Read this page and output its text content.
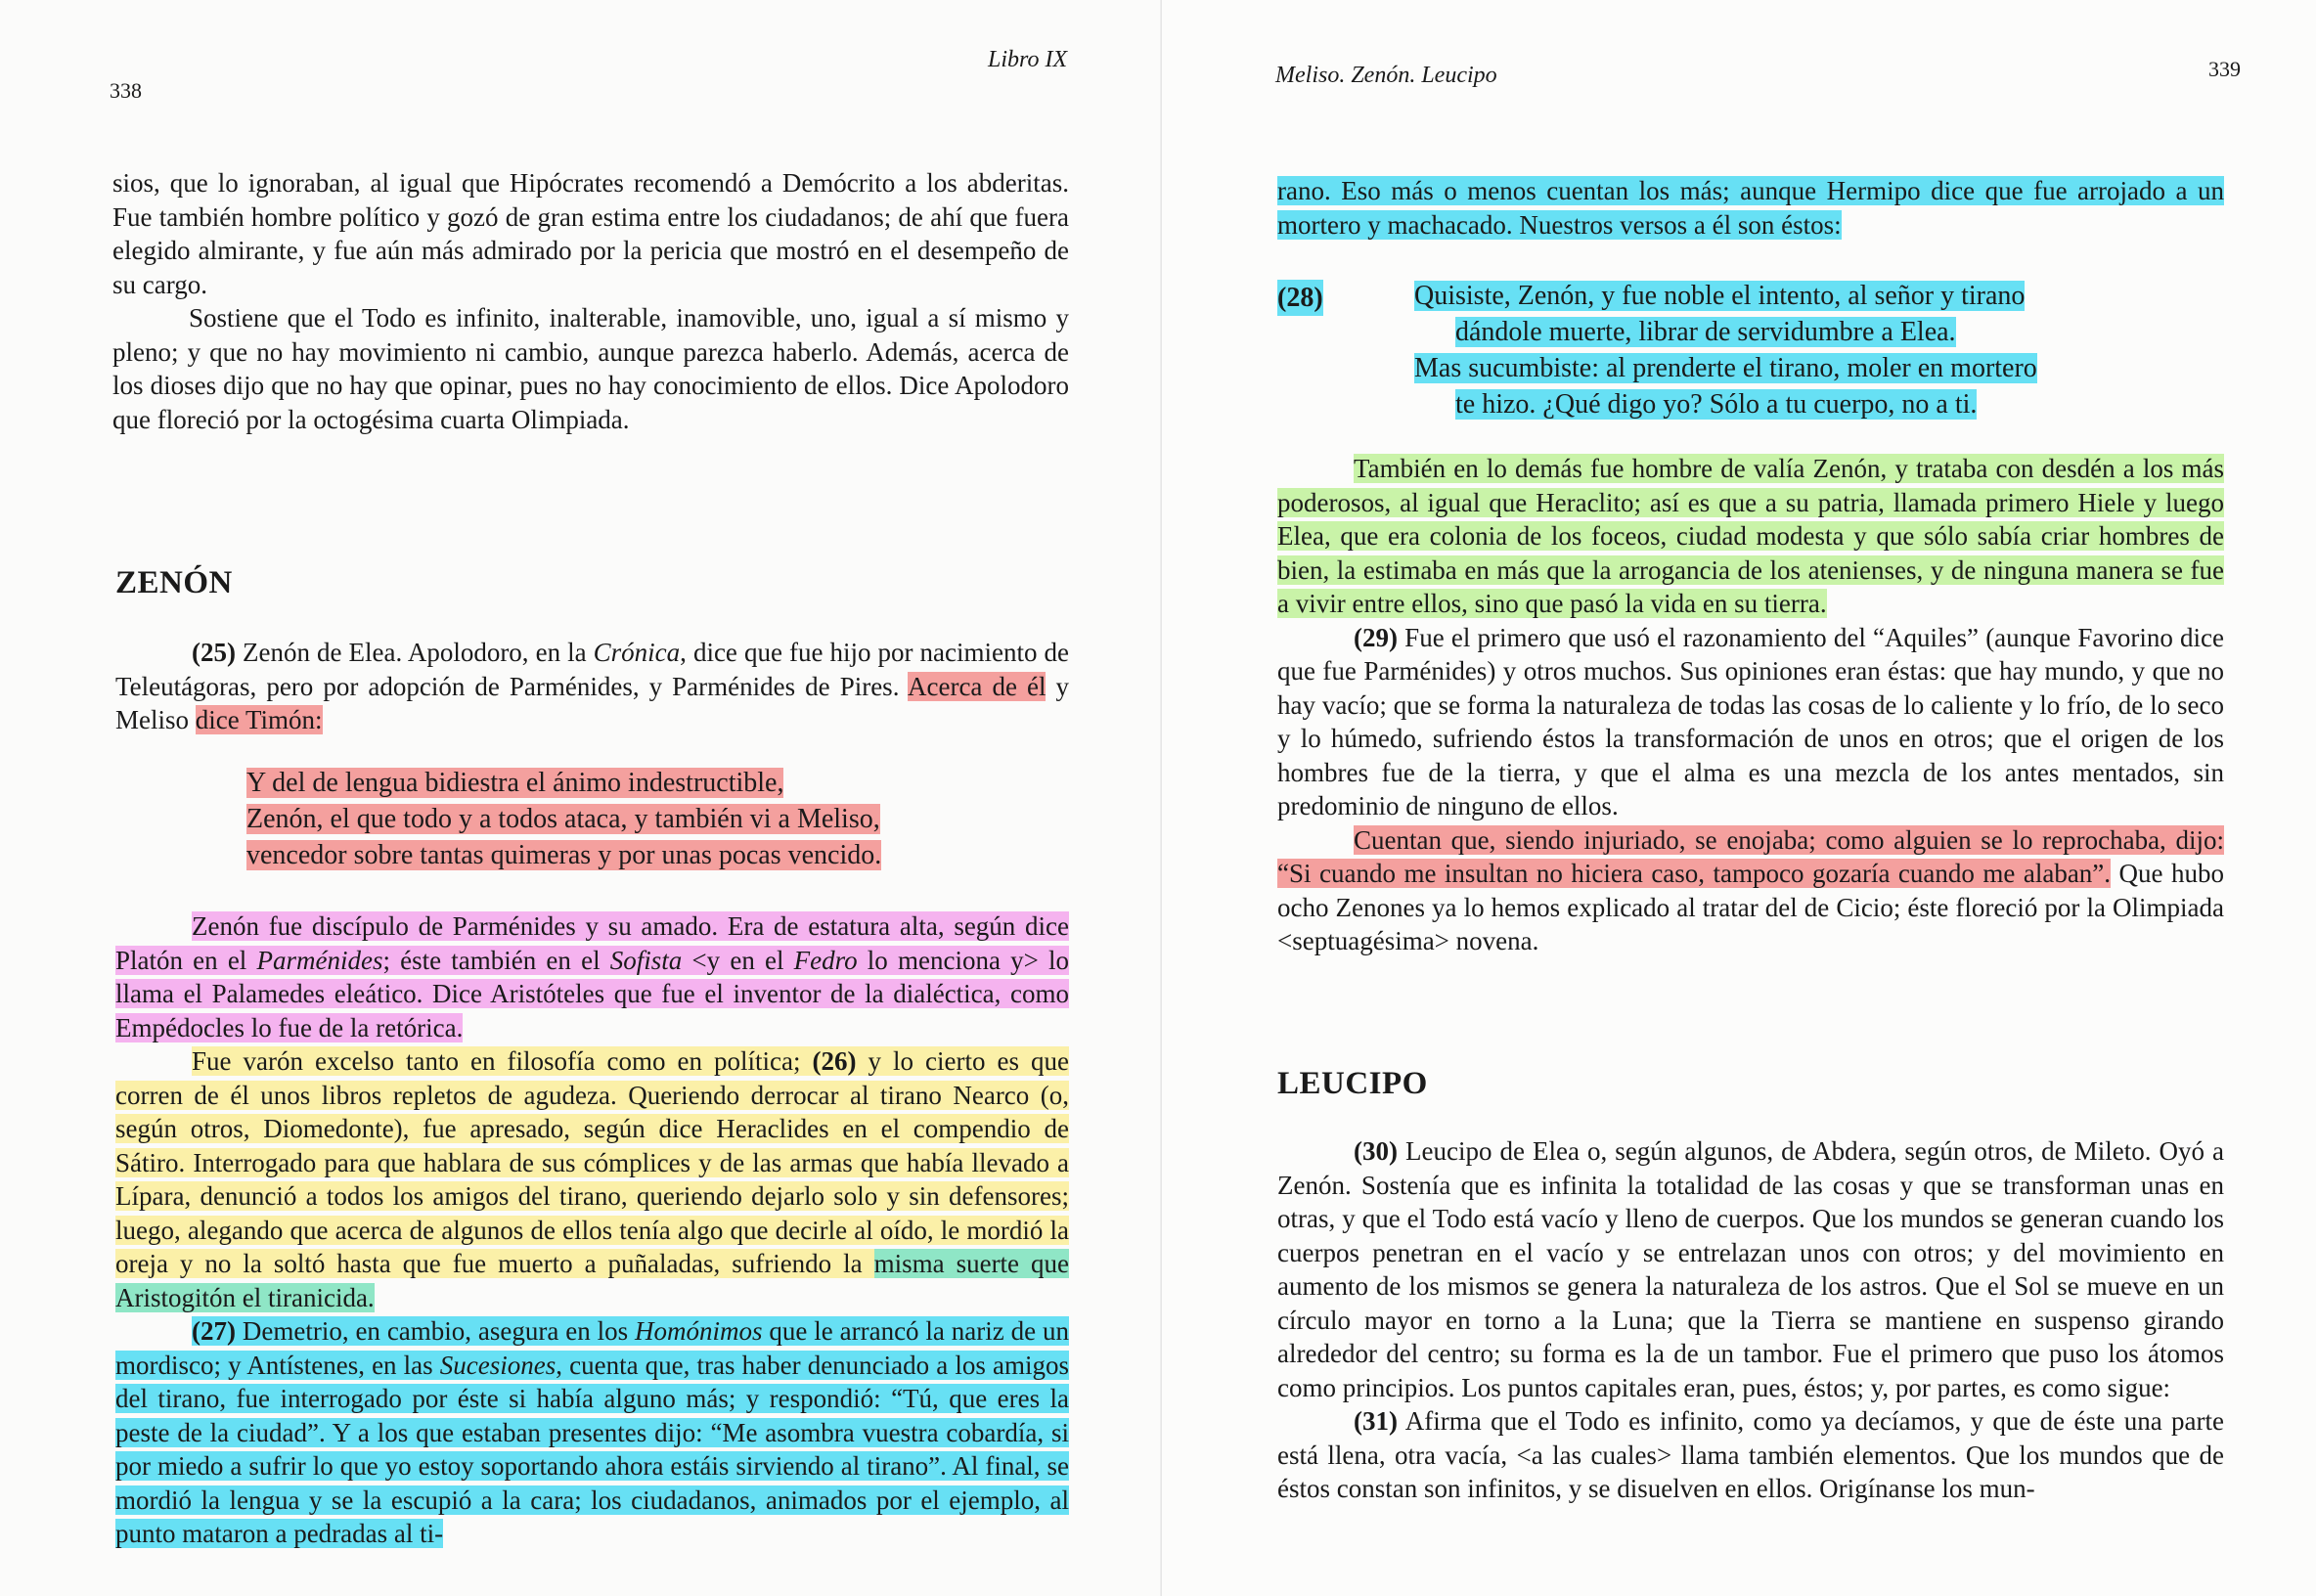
338
Libro IX

sios, que lo ignoraban, al igual que Hipócrates recomendó a Demócrito a los abderitas. Fue también hombre político y gozó de gran estima entre los ciudadanos; de ahí que fuera elegido almirante, y fue aún más admirado por la pericia que mostró en el desempeño de su cargo.

Sostiene que el Todo es infinito, inalterable, inamovible, uno, igual a sí mismo y pleno; y que no hay movimiento ni cambio, aunque parezca haberlo. Además, acerca de los dioses dijo que no hay que opinar, pues no hay conocimiento de ellos. Dice Apolodoro que floreció por la octogésima cuarta Olimpiada.

ZENÓN

(25) Zenón de Elea. Apolodoro, en la Crónica, dice que fue hijo por nacimiento de Teleutágoras, pero por adopción de Parménides, y Parménides de Pires. Acerca de él y Meliso dice Timón:

Y del de lengua bidiestra el ánimo indestructible,
Zenón, el que todo y a todos ataca, y también vi a Meliso,
vencedor sobre tantas quimeras y por unas pocas vencido.

Zenón fue discípulo de Parménides y su amado. Era de estatura alta, según dice Platón en el Parménides; éste también en el Sofista <y en el Fedro lo menciona y> lo llama el Palamedes eleático. Dice Aristóteles que fue el inventor de la dialéctica, como Empédocles lo fue de la retórica.

Fue varón excelso tanto en filosofía como en política; (26) y lo cierto es que corren de él unos libros repletos de agudeza. Queriendo derrocar al tirano Nearco (o, según otros, Diomedonte), fue apresado, según dice Heraclides en el compendio de Sátiro. Interrogado para que hablara de sus cómplices y de las armas que había llevado a Lípara, denunció a todos los amigos del tirano, queriendo dejarlo solo y sin defensores; luego, alegando que acerca de algunos de ellos tenía algo que decirle al oído, le mordió la oreja y no la soltó hasta que fue muerto a puñaladas, sufriendo la misma suerte que Aristogitón el tiranicida.

(27) Demetrio, en cambio, asegura en los Homónimos que le arrancó la nariz de un mordisco; y Antístenes, en las Sucesiones, cuenta que, tras haber denunciado a los amigos del tirano, fue interrogado por éste si había alguno más; y respondió: “Tú, que eres la peste de la ciudad”. Y a los que estaban presentes dijo: “Me asombra vuestra cobardía, si por miedo a sufrir lo que yo estoy soportando ahora estáis sirviendo al tirano”. Al final, se mordió la lengua y se la escupió a la cara; los ciudadanos, animados por el ejemplo, al punto mataron a pedradas al ti-

Meliso. Zenón. Leucipo	339

rano. Eso más o menos cuentan los más; aunque Hermipo dice que fue arrojado a un mortero y machacado. Nuestros versos a él son éstos:

(28)	Quisiste, Zenón, y fue noble el intento, al señor y tirano
dándole muerte, librar de servidumbre a Elea.
Mas sucumbiste: al prenderte el tirano, moler en mortero
te hizo. ¿Qué digo yo? Sólo a tu cuerpo, no a ti.

También en lo demás fue hombre de valía Zenón, y trataba con desdén a los más poderosos, al igual que Heraclito; así es que a su patria, llamada primero Hiele y luego Elea, que era colonia de los foceos, ciudad modesta y que sólo sabía criar hombres de bien, la estimaba en más que la arrogancia de los atenienses, y de ninguna manera se fue a vivir entre ellos, sino que pasó la vida en su tierra.

(29) Fue el primero que usó el razonamiento del “Aquiles” (aunque Favorino dice que fue Parménides) y otros muchos. Sus opiniones eran éstas: que hay mundo, y que no hay vacío; que se forma la naturaleza de todas las cosas de lo caliente y lo frío, de lo seco y lo húmedo, sufriendo éstos la transformación de unos en otros; que el origen de los hombres fue de la tierra, y que el alma es una mezcla de los antes mentados, sin predominio de ninguno de ellos.

Cuentan que, siendo injuriado, se enojaba; como alguien se lo reprochaba, dijo: “Si cuando me insultan no hiciera caso, tampoco gozaría cuando me alaban”. Que hubo ocho Zenones ya lo hemos explicado al tratar del de Cicio; éste floreció por la Olimpiada <septuagésima> novena.

LEUCIPO

(30) Leucipo de Elea o, según algunos, de Abdera, según otros, de Mileto. Oyó a Zenón. Sostenía que es infinita la totalidad de las cosas y que se transforman unas en otras, y que el Todo está vacío y lleno de cuerpos. Que los mundos se generan cuando los cuerpos penetran en el vacío y se entrelazan unos con otros; y del movimiento en aumento de los mismos se genera la naturaleza de los astros. Que el Sol se mueve en un círculo mayor en torno a la Luna; que la Tierra se mantiene en suspenso girando alrededor del centro; su forma es la de un tambor. Fue el primero que puso los átomos como principios. Los puntos capitales eran, pues, éstos; y, por partes, es como sigue:

(31) Afirma que el Todo es infinito, como ya decíamos, y que de éste una parte está llena, otra vacía, <a las cuales> llama también elementos. Que los mundos que de éstos constan son infinitos, y se disuelven en ellos. Origínanse los mun-
